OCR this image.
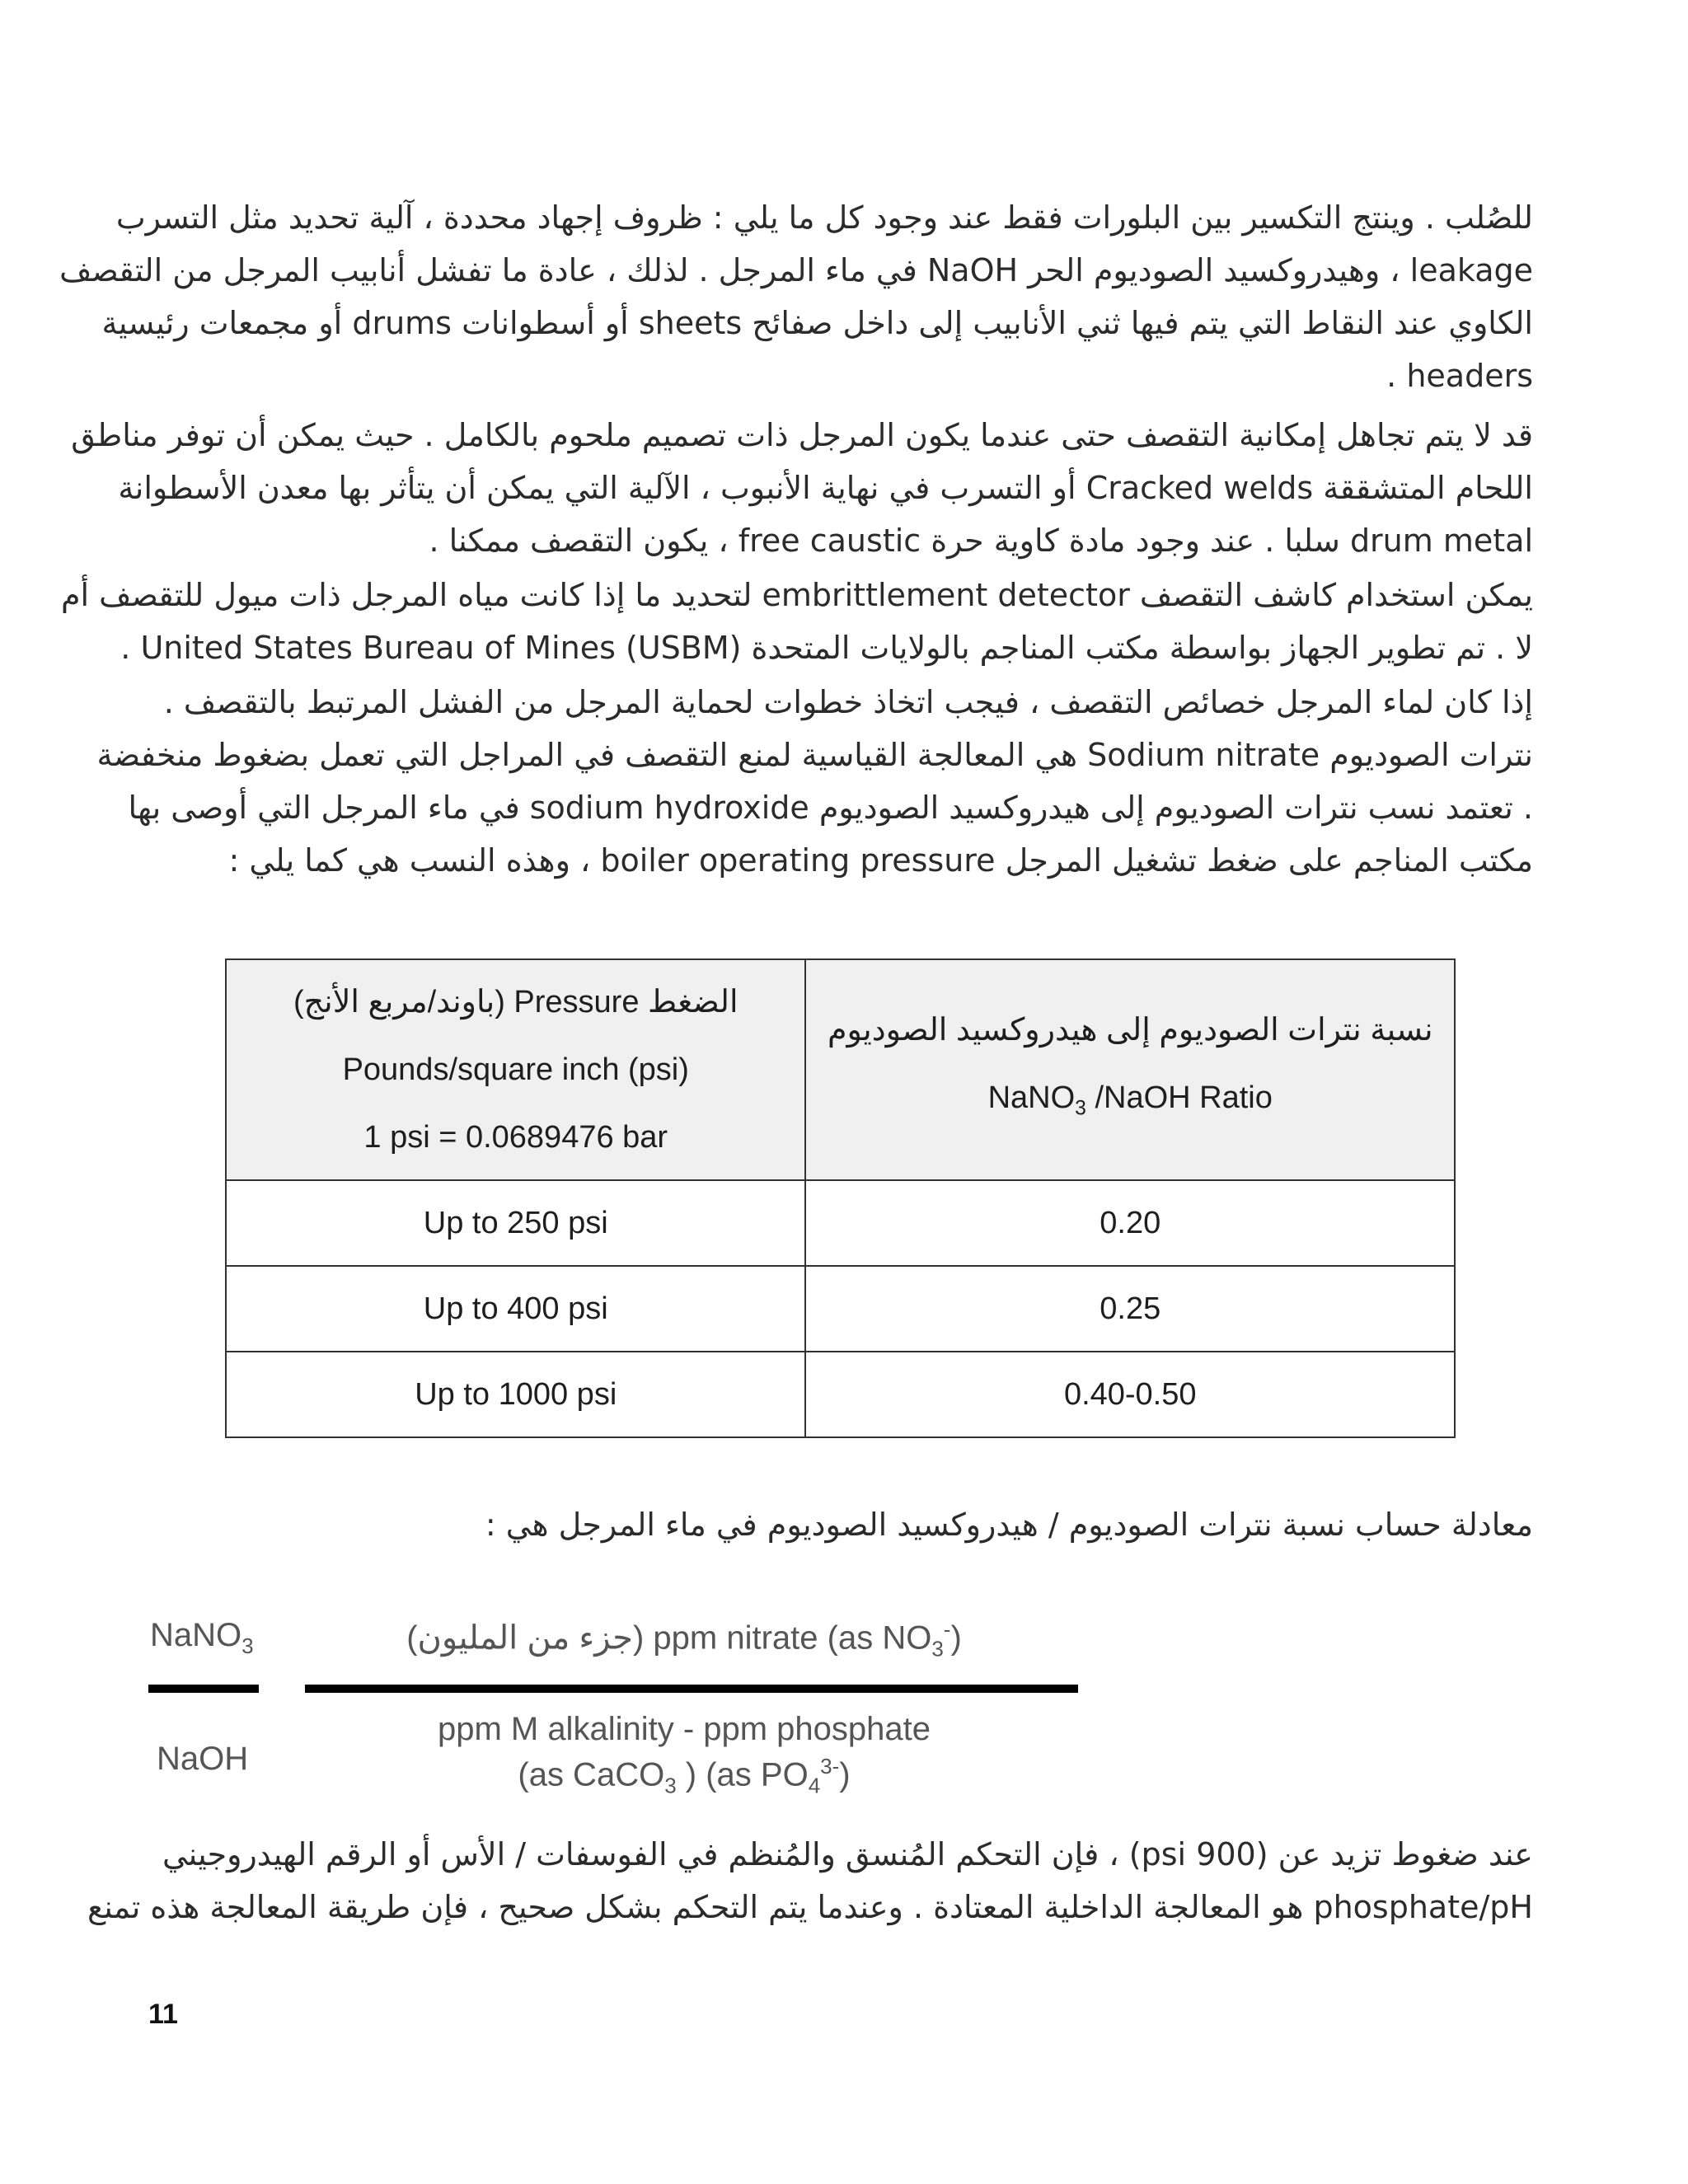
للصُلب . وينتج التكسير بين البلورات فقط عند وجود كل ما يلي : ظروف إجهاد محددة ، آلية تحديد مثل التسرب
leakage ، وهيدروكسيد الصوديوم الحر NaOH في ماء المرجل . لذلك ، عادة ما تفشل أنابيب المرجل من التقصف
الكاوي عند النقاط التي يتم فيها ثني الأنابيب إلى داخل صفائح sheets أو أسطوانات drums أو مجمعات رئيسية
headers .
قد لا يتم تجاهل إمكانية التقصف حتى عندما يكون المرجل ذات تصميم ملحوم بالكامل . حيث يمكن أن توفر مناطق
اللحام المتشققة Cracked welds أو التسرب في نهاية الأنبوب ، الآلية التي يمكن أن يتأثر بها معدن الأسطوانة
drum metal سلبا . عند وجود مادة كاوية حرة free caustic ، يكون التقصف ممكنا .
يمكن استخدام كاشف التقصف embrittlement detector لتحديد ما إذا كانت مياه المرجل ذات ميول للتقصف أم
لا . تم تطوير الجهاز بواسطة مكتب المناجم بالولايات المتحدة United States Bureau of Mines (USBM) .
إذا كان لماء المرجل خصائص التقصف ، فيجب اتخاذ خطوات لحماية المرجل من الفشل المرتبط بالتقصف .
نترات الصوديوم Sodium nitrate هي المعالجة القياسية لمنع التقصف في المراجل التي تعمل بضغوط منخفضة
. تعتمد نسب نترات الصوديوم إلى هيدروكسيد الصوديوم sodium hydroxide في ماء المرجل التي أوصى بها
مكتب المناجم على ضغط تشغيل المرجل boiler operating pressure ، وهذه النسب هي كما يلي :
الضغط Pressure (باوند/مربع الأنج)
Pounds/square inch (psi)
1 psi = 0.0689476 bar	نسبة نترات الصوديوم إلى هيدروكسيد الصوديوم
NaNO$_3$ /NaOH Ratio

Up to 250 psi	0.20
Up to 400 psi	0.25
Up to 1000 psi	0.40-0.50
معادلة حساب نسبة نترات الصوديوم / هيدروكسيد الصوديوم في ماء المرجل هي :
NaNO$_3$
NaOH
(جزء من المليون) ppm nitrate (as $NO_3^-$)
ppm M alkalinity - ppm phosphate
(as CaCO$_3$ ) (as $PO_4^{3-}$)
عند ضغوط تزيد عن (900 psi) ، فإن التحكم المُنسق والمُنظم في الفوسفات / الأس أو الرقم الهيدروجيني
phosphate/pH هو المعالجة الداخلية المعتادة . وعندما يتم التحكم بشكل صحيح ، فإن طريقة المعالجة هذه تمنع
11
